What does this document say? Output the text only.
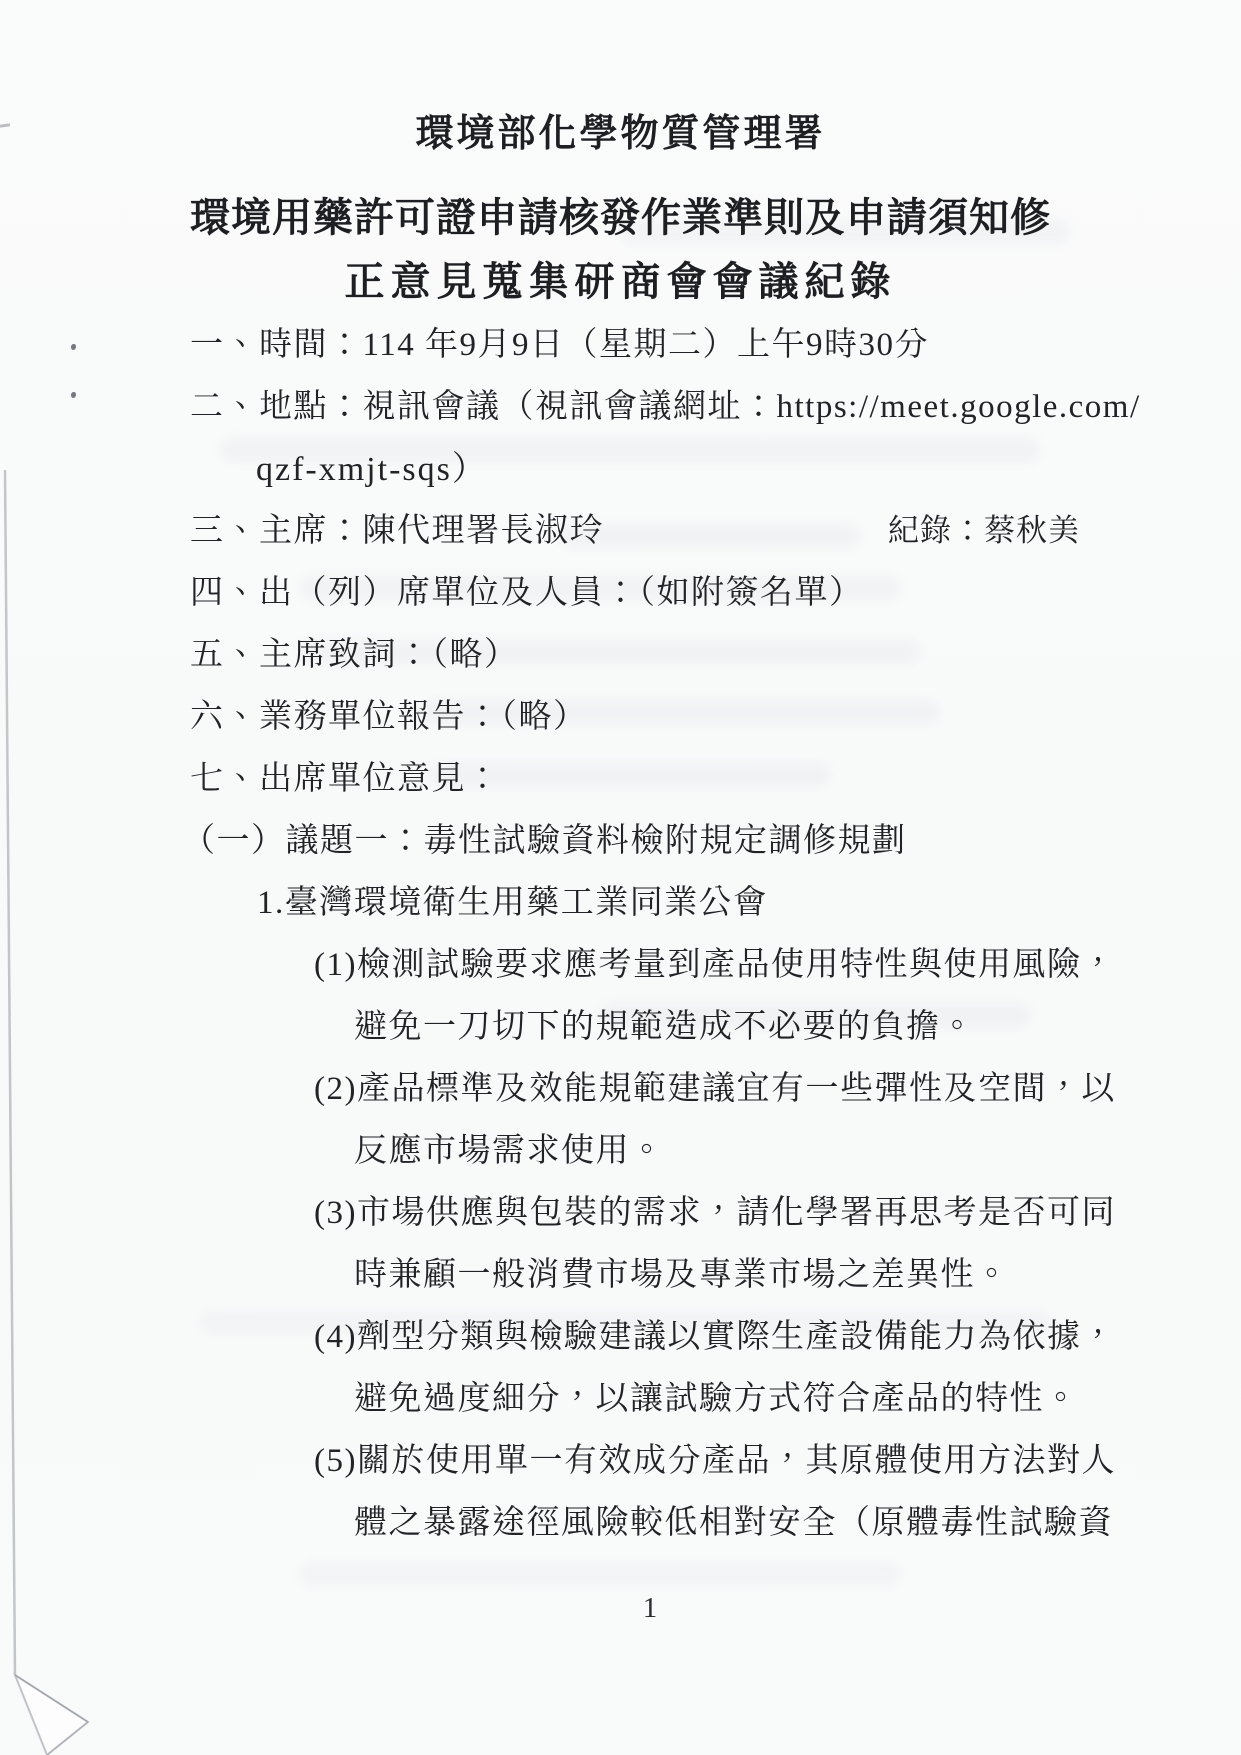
環境部化學物質管理署
環境用藥許可證申請核發作業準則及申請須知修
正意見蒐集研商會會議紀錄
一、時間：114 年9月9日（星期二）上午9時30分
二、地點：視訊會議（視訊會議網址：https://meet.google.com/
qzf-xmjt-sqs）
三、主席：陳代理署長淑玲
四、出（列）席單位及人員：（如附簽名單）
五、主席致詞：（略）
六、業務單位報告：（略）
七、出席單位意見：
（一）議題一：毒性試驗資料檢附規定調修規劃
1.臺灣環境衛生用藥工業同業公會
(1)檢測試驗要求應考量到產品使用特性與使用風險，
避免一刀切下的規範造成不必要的負擔。
(2)產品標準及效能規範建議宜有一些彈性及空間，以
反應市場需求使用。
(3)市場供應與包裝的需求，請化學署再思考是否可同
時兼顧一般消費市場及專業市場之差異性。
(4)劑型分類與檢驗建議以實際生產設備能力為依據，
避免過度細分，以讓試驗方式符合產品的特性。
(5)關於使用單一有效成分產品，其原體使用方法對人
體之暴露途徑風險較低相對安全（原體毒性試驗資
紀錄：蔡秋美
1
